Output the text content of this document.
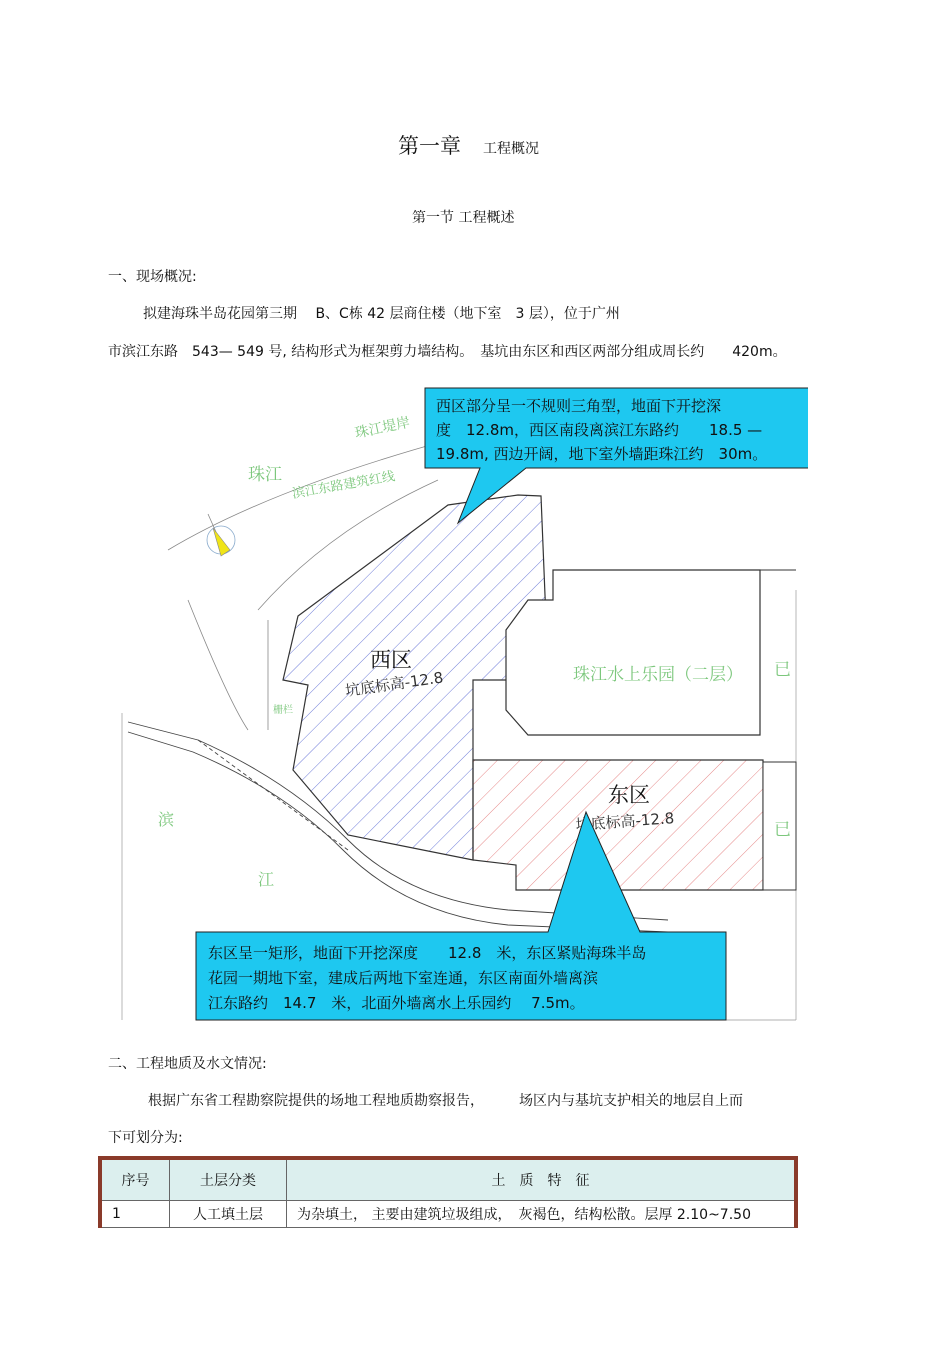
第一章 工程概况
第一节 工程概述
一、现场概况:
拟建海珠半岛花园第三期　 B、C栋 42 层商住楼（地下室　3 层），位于广州
市滨江东路　543— 549 号, 结构形式为框架剪力墙结构。　基坑由东区和西区两部分组成周长约　　420m。
珠江
珠江堤岸
滨江东路建筑红线
珠江水上乐园（二层） 已
已
栅栏
滨
江
西区
坑底标高-12.8
东区
坑底标高-12.8
西区部分呈一不规则三角型，地面下开挖深
度　12.8m，西区南段离滨江东路约　　18.5 —
19.8m, 西边开阔，地下室外墙距珠江约　30m。
东区呈一矩形，地面下开挖深度　　12.8　米，东区紧贴海珠半岛
花园一期地下室，建成后两地下室连通，东区南面外墙离滨
江东路约　14.7　米，北面外墙离水上乐园约　 7.5m。
二、工程地质及水文情况:
根据广东省工程勘察院提供的场地工程地质勘察报告，　　　场区内与基坑支护相关的地层自上而
下可划分为:
序号	土层分类	土　质　特　征
1	人工填土层	为杂填土， 主要由建筑垃圾组成，　灰褐色，结构松散。层厚 2.10~7.50
